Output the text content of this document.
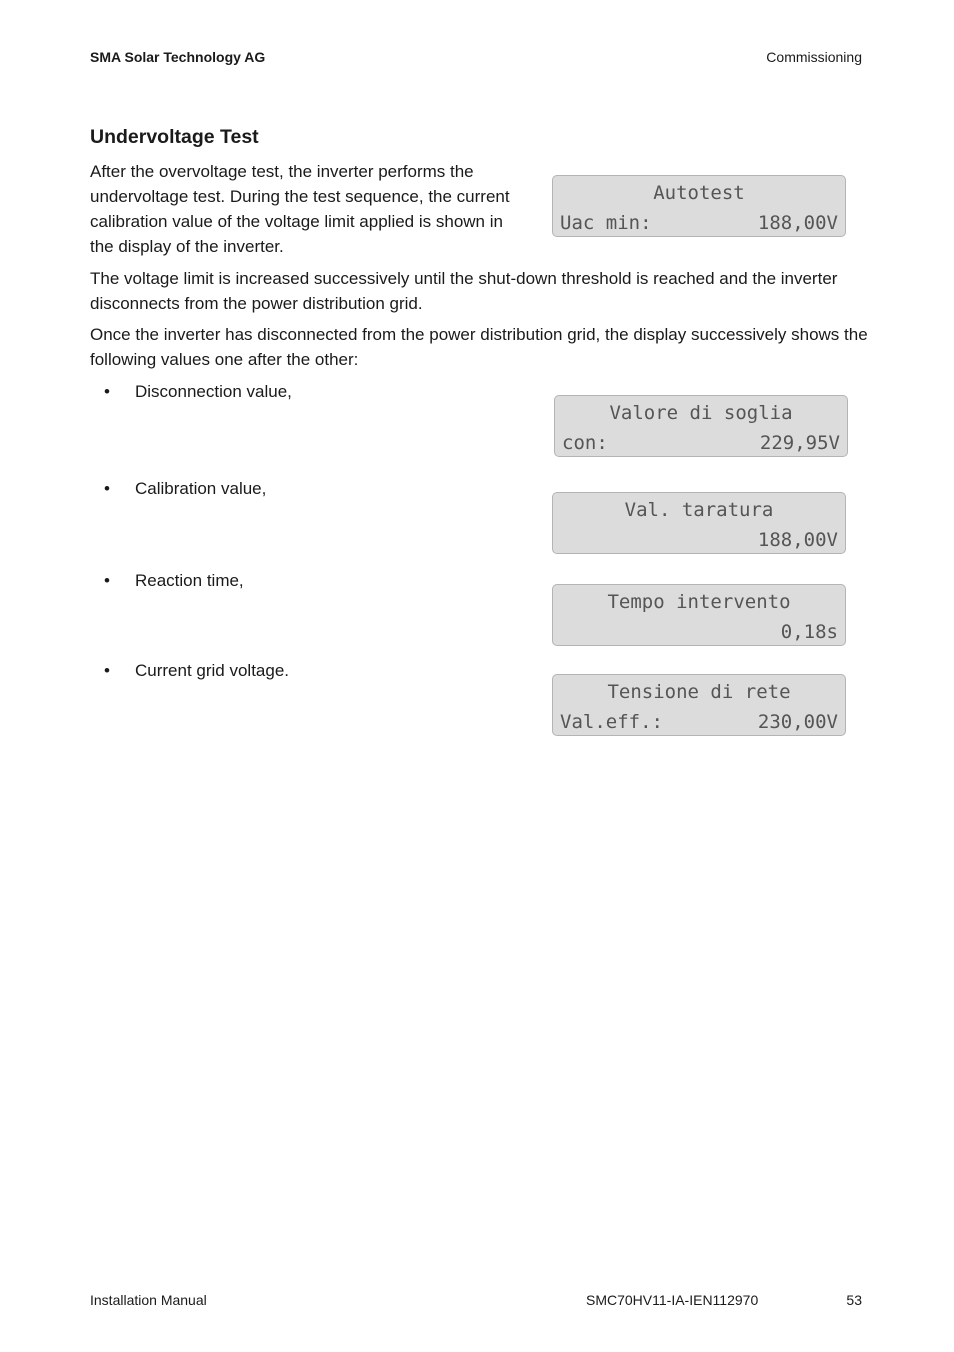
SMA Solar Technology AG	Commissioning
Undervoltage Test

After the overvoltage test, the inverter performs the undervoltage test. During the test sequence, the current calibration value of the voltage limit applied is shown in the display of the inverter.

Autotest
Uac min:	188,00V

The voltage limit is increased successively until the shut-down threshold is reached and the inverter disconnects from the power distribution grid.

Once the inverter has disconnected from the power distribution grid, the display successively shows the following values one after the other:

•	Disconnection value,
Valore di soglia
con:	229,95V
•	Calibration value,
Val. taratura
188,00V
•	Reaction time,
Tempo intervento
0,18s
•	Current grid voltage.
Tensione di rete
Val.eff.:	230,00V
Installation Manual	SMC70HV11-IA-IEN112970	53
